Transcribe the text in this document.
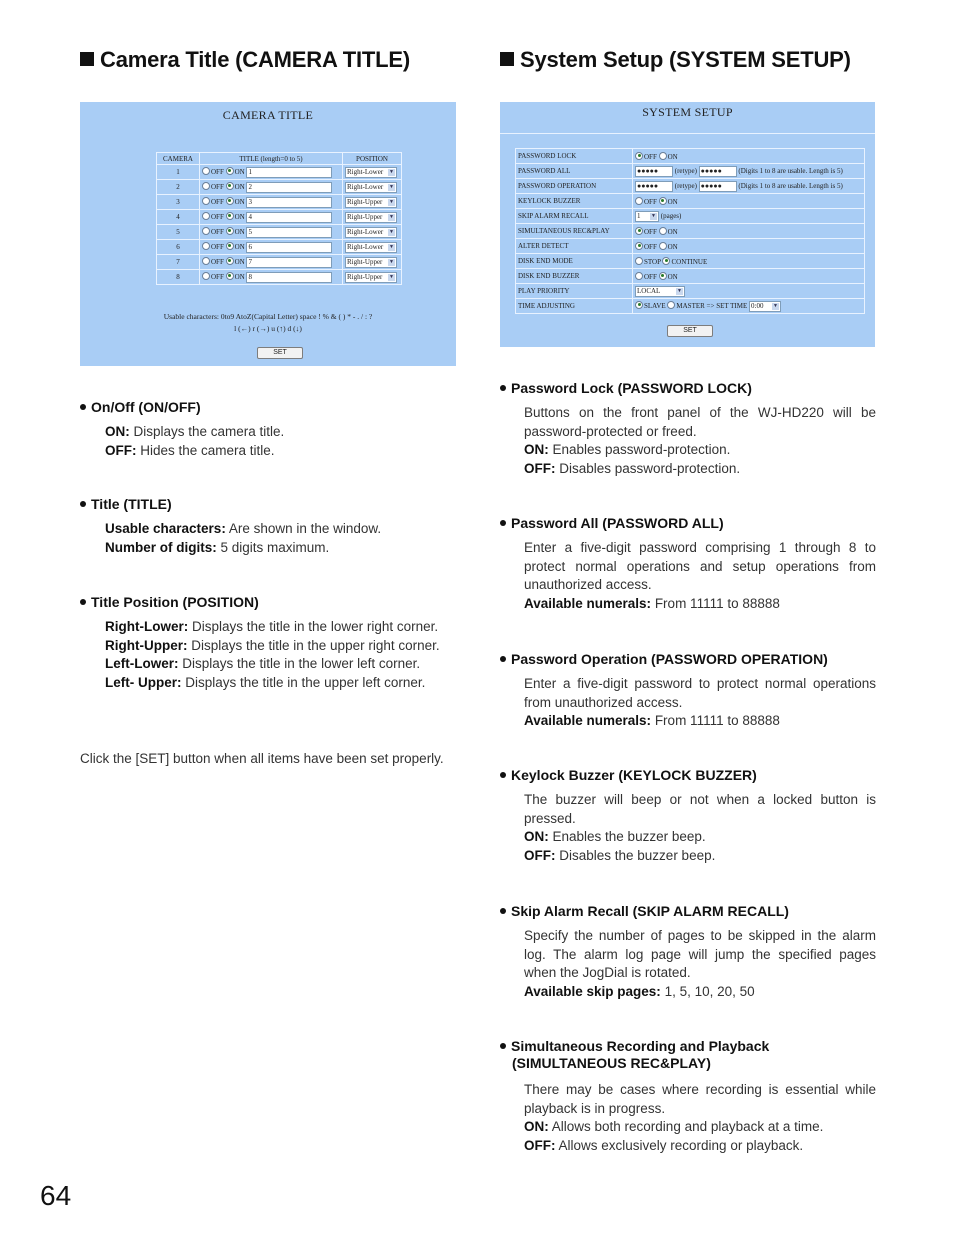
Camera Title (CAMERA TITLE)
CAMERA TITLE
CAMERA	TITLE (length=0 to 5)	POSITION
1	OFF ON 1	Right-Lower ▼

2	OFF ON 2	Right-Lower ▼

3	OFF ON 3	Right-Upper ▼

4	OFF ON 4	Right-Upper ▼

5	OFF ON 5	Right-Lower ▼

6	OFF ON 6	Right-Lower ▼

7	OFF ON 7	Right-Upper ▼

8	OFF ON 8	Right-Upper ▼
Usable characters: 0to9 AtoZ(Capital Letter) space ! % & ( ) * - . / : ?
l (←) r (→) u (↑) d (↓)
SET
On/Off (ON/OFF)
ON: Displays the camera title.
OFF: Hides the camera title.
Title (TITLE)
Usable characters: Are shown in the window.
Number of digits: 5 digits maximum.
Title Position (POSITION)
Right-Lower: Displays the title in the lower right corner.
Right-Upper: Displays the title in the upper right corner.
Left-Lower: Displays the title in the lower left corner.
Left- Upper: Displays the title in the upper left corner.
Click the [SET] button when all items have been set properly.
System Setup (SYSTEM SETUP)
SYSTEM SETUP
PASSWORD LOCK	OFF ON
PASSWORD ALL	●●●●● (retype) ●●●●● (Digits 1 to 8 are usable. Length is 5)
PASSWORD OPERATION	●●●●● (retype) ●●●●● (Digits 1 to 8 are usable. Length is 5)
KEYLOCK BUZZER	OFF ON
SKIP ALARM RECALL	1 ▼ (pages)
SIMULTANEOUS REC&PLAY	OFF ON
ALTER DETECT	OFF ON
DISK END MODE	STOP CONTINUE
DISK END BUZZER	OFF ON
PLAY PRIORITY	LOCAL ▼

TIME ADJUSTING	SLAVE MASTER => SET TIME 0:00 ▼
SET
Password Lock (PASSWORD LOCK)
Buttons on the front panel of the WJ-HD220 will be password-protected or freed.
ON: Enables password-protection.
OFF: Disables password-protection.
Password All (PASSWORD ALL)
Enter a five-digit password comprising 1 through 8 to protect normal operations and setup operations from unauthorized access.
Available numerals: From 11111 to 88888
Password Operation (PASSWORD OPERATION)
Enter a five-digit password to protect normal operations from unauthorized access.
Available numerals: From 11111 to 88888
Keylock Buzzer (KEYLOCK BUZZER)
The buzzer will beep or not when a locked button is pressed.
ON: Enables the buzzer beep.
OFF: Disables the buzzer beep.
Skip Alarm Recall (SKIP ALARM RECALL)
Specify the number of pages to be skipped in the alarm log. The alarm log page will jump the specified pages when the JogDial is rotated.
Available skip pages: 1, 5, 10, 20, 50
Simultaneous Recording and Playback
(SIMULTANEOUS REC&PLAY)
There may be cases where recording is essential while playback is in progress.
ON: Allows both recording and playback at a time.
OFF: Allows exclusively recording or playback.
64
